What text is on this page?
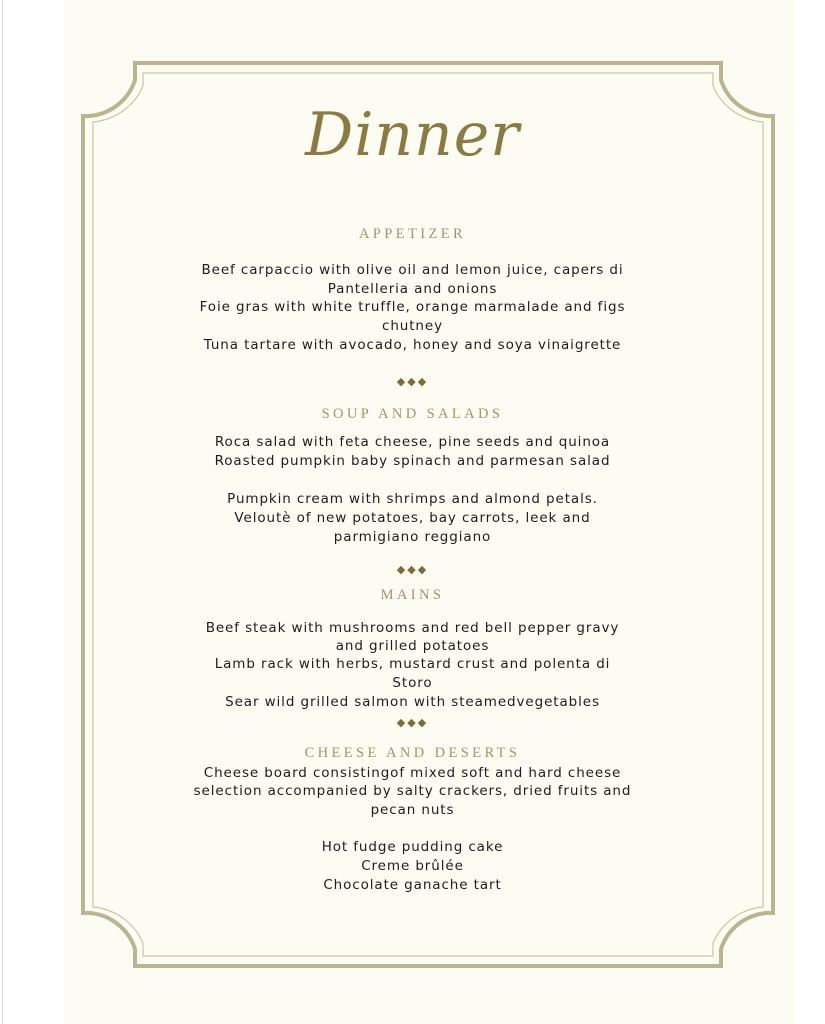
Dinner
APPETIZER
Beef carpaccio with olive oil and lemon juice, capers di
Pantelleria and onions
Foie gras with white truffle, orange marmalade and figs
chutney
Tuna tartare with avocado, honey and soya vinaigrette
◆◆◆
SOUP AND SALADS
Roca salad with feta cheese, pine seeds and quinoa
Roasted pumpkin baby spinach and parmesan salad
Pumpkin cream with shrimps and almond petals.
Veloutè of new potatoes, bay carrots, leek and
parmigiano reggiano
◆◆◆
MAINS
Beef steak with mushrooms and red bell pepper gravy
and grilled potatoes
Lamb rack with herbs, mustard crust and polenta di
Storo
Sear wild grilled salmon with steamedvegetables
◆◆◆
CHEESE AND DESERTS
Cheese board consistingof mixed soft and hard cheese
selection accompanied by salty crackers, dried fruits and
pecan nuts
Hot fudge pudding cake
Creme brûlée
Chocolate ganache tart
